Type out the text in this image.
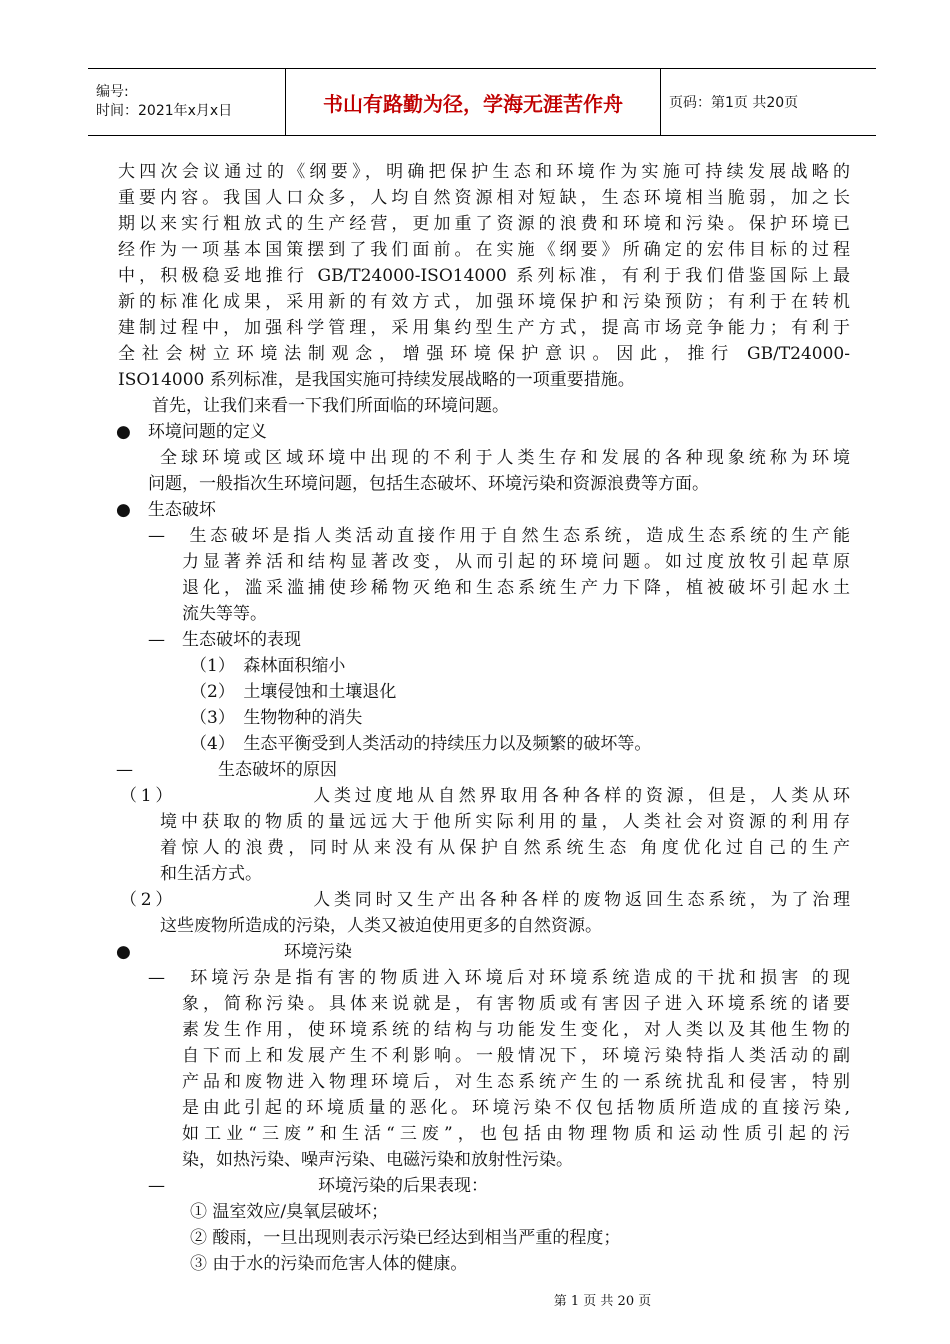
编号:
时间：2021年x月x日	书山有路勤为径，学海无涯苦作舟	页码：第1页 共20页
大四次会议通过的《纲要》，明确把保护生态和环境作为实施可持续发展战略的
重要内容。我国人口众多，人均自然资源相对短缺，生态环境相当脆弱，加之长
期以来实行粗放式的生产经营，更加重了资源的浪费和环境和污染。保护环境已
经作为一项基本国策摆到了我们面前。在实施《纲要》所确定的宏伟目标的过程
中，积极稳妥地推行 GB/T24000-ISO14000 系列标准，有利于我们借鉴国际上最
新的标准化成果，采用新的有效方式，加强环境保护和污染预防；有利于在转机
建制过程中，加强科学管理，采用集约型生产方式，提高市场竞争能力；有利于
全社会树立环境法制观念，增强环境保护意识。因此，推行 GB/T24000-
ISO14000 系列标准，是我国实施可持续发展战略的一项重要措施。
首先，让我们来看一下我们所面临的环境问题。
●　环境问题的定义
全球环境或区域环境中出现的不利于人类生存和发展的各种现象统称为环境
问题，一般指次生环境问题，包括生态破坏、环境污染和资源浪费等方面。
●　生态破坏
—　生态破坏是指人类活动直接作用于自然生态系统，造成生态系统的生产能
力显著养活和结构显著改变，从而引起的环境问题。如过度放牧引起草原
退化，滥采滥捕使珍稀物灭绝和生态系统生产力下降，植被破坏引起水土
流失等等。
—　生态破坏的表现
（1）　森林面积缩小
（2）　土壤侵蚀和土壤退化
（3）　生物物种的消失
（4）　生态平衡受到人类活动的持续压力以及频繁的破坏等。
—　　　　　生态破坏的原因
（1）　　　　　　　人类过度地从自然界取用各种各样的资源，但是，人类从环
境中获取的物质的量远远大于他所实际利用的量，人类社会对资源的利用存
着惊人的浪费，同时从来没有从保护自然系统生态 角度优化过自己的生产
和生活方式。
（2）　　　　　　　人类同时又生产出各种各样的废物返回生态系统，为了治理
这些废物所造成的污染，人类又被迫使用更多的自然资源。
●　　　　　　　　　环境污染
—　环境污杂是指有害的物质进入环境后对环境系统造成的干扰和损害 的现
象，简称污染。具体来说就是，有害物质或有害因子进入环境系统的诸要
素发生作用，使环境系统的结构与功能发生变化，对人类以及其他生物的
自下而上和发展产生不利影响。一般情况下，环境污染特指人类活动的副
产品和废物进入物理环境后，对生态系统产生的一系统扰乱和侵害，特别
是由此引起的环境质量的恶化。环境污染不仅包括物质所造成的直接污染,
如工业“三废”和生活“三废”，也包括由物理物质和运动性质引起的污
染，如热污染、噪声污染、电磁污染和放射性污染。
—　　　　　　　　　环境污染的后果表现：
① 温室效应/臭氧层破坏；
② 酸雨，一旦出现则表示污染已经达到相当严重的程度；
③ 由于水的污染而危害人体的健康。
第 1 页 共 20 页
